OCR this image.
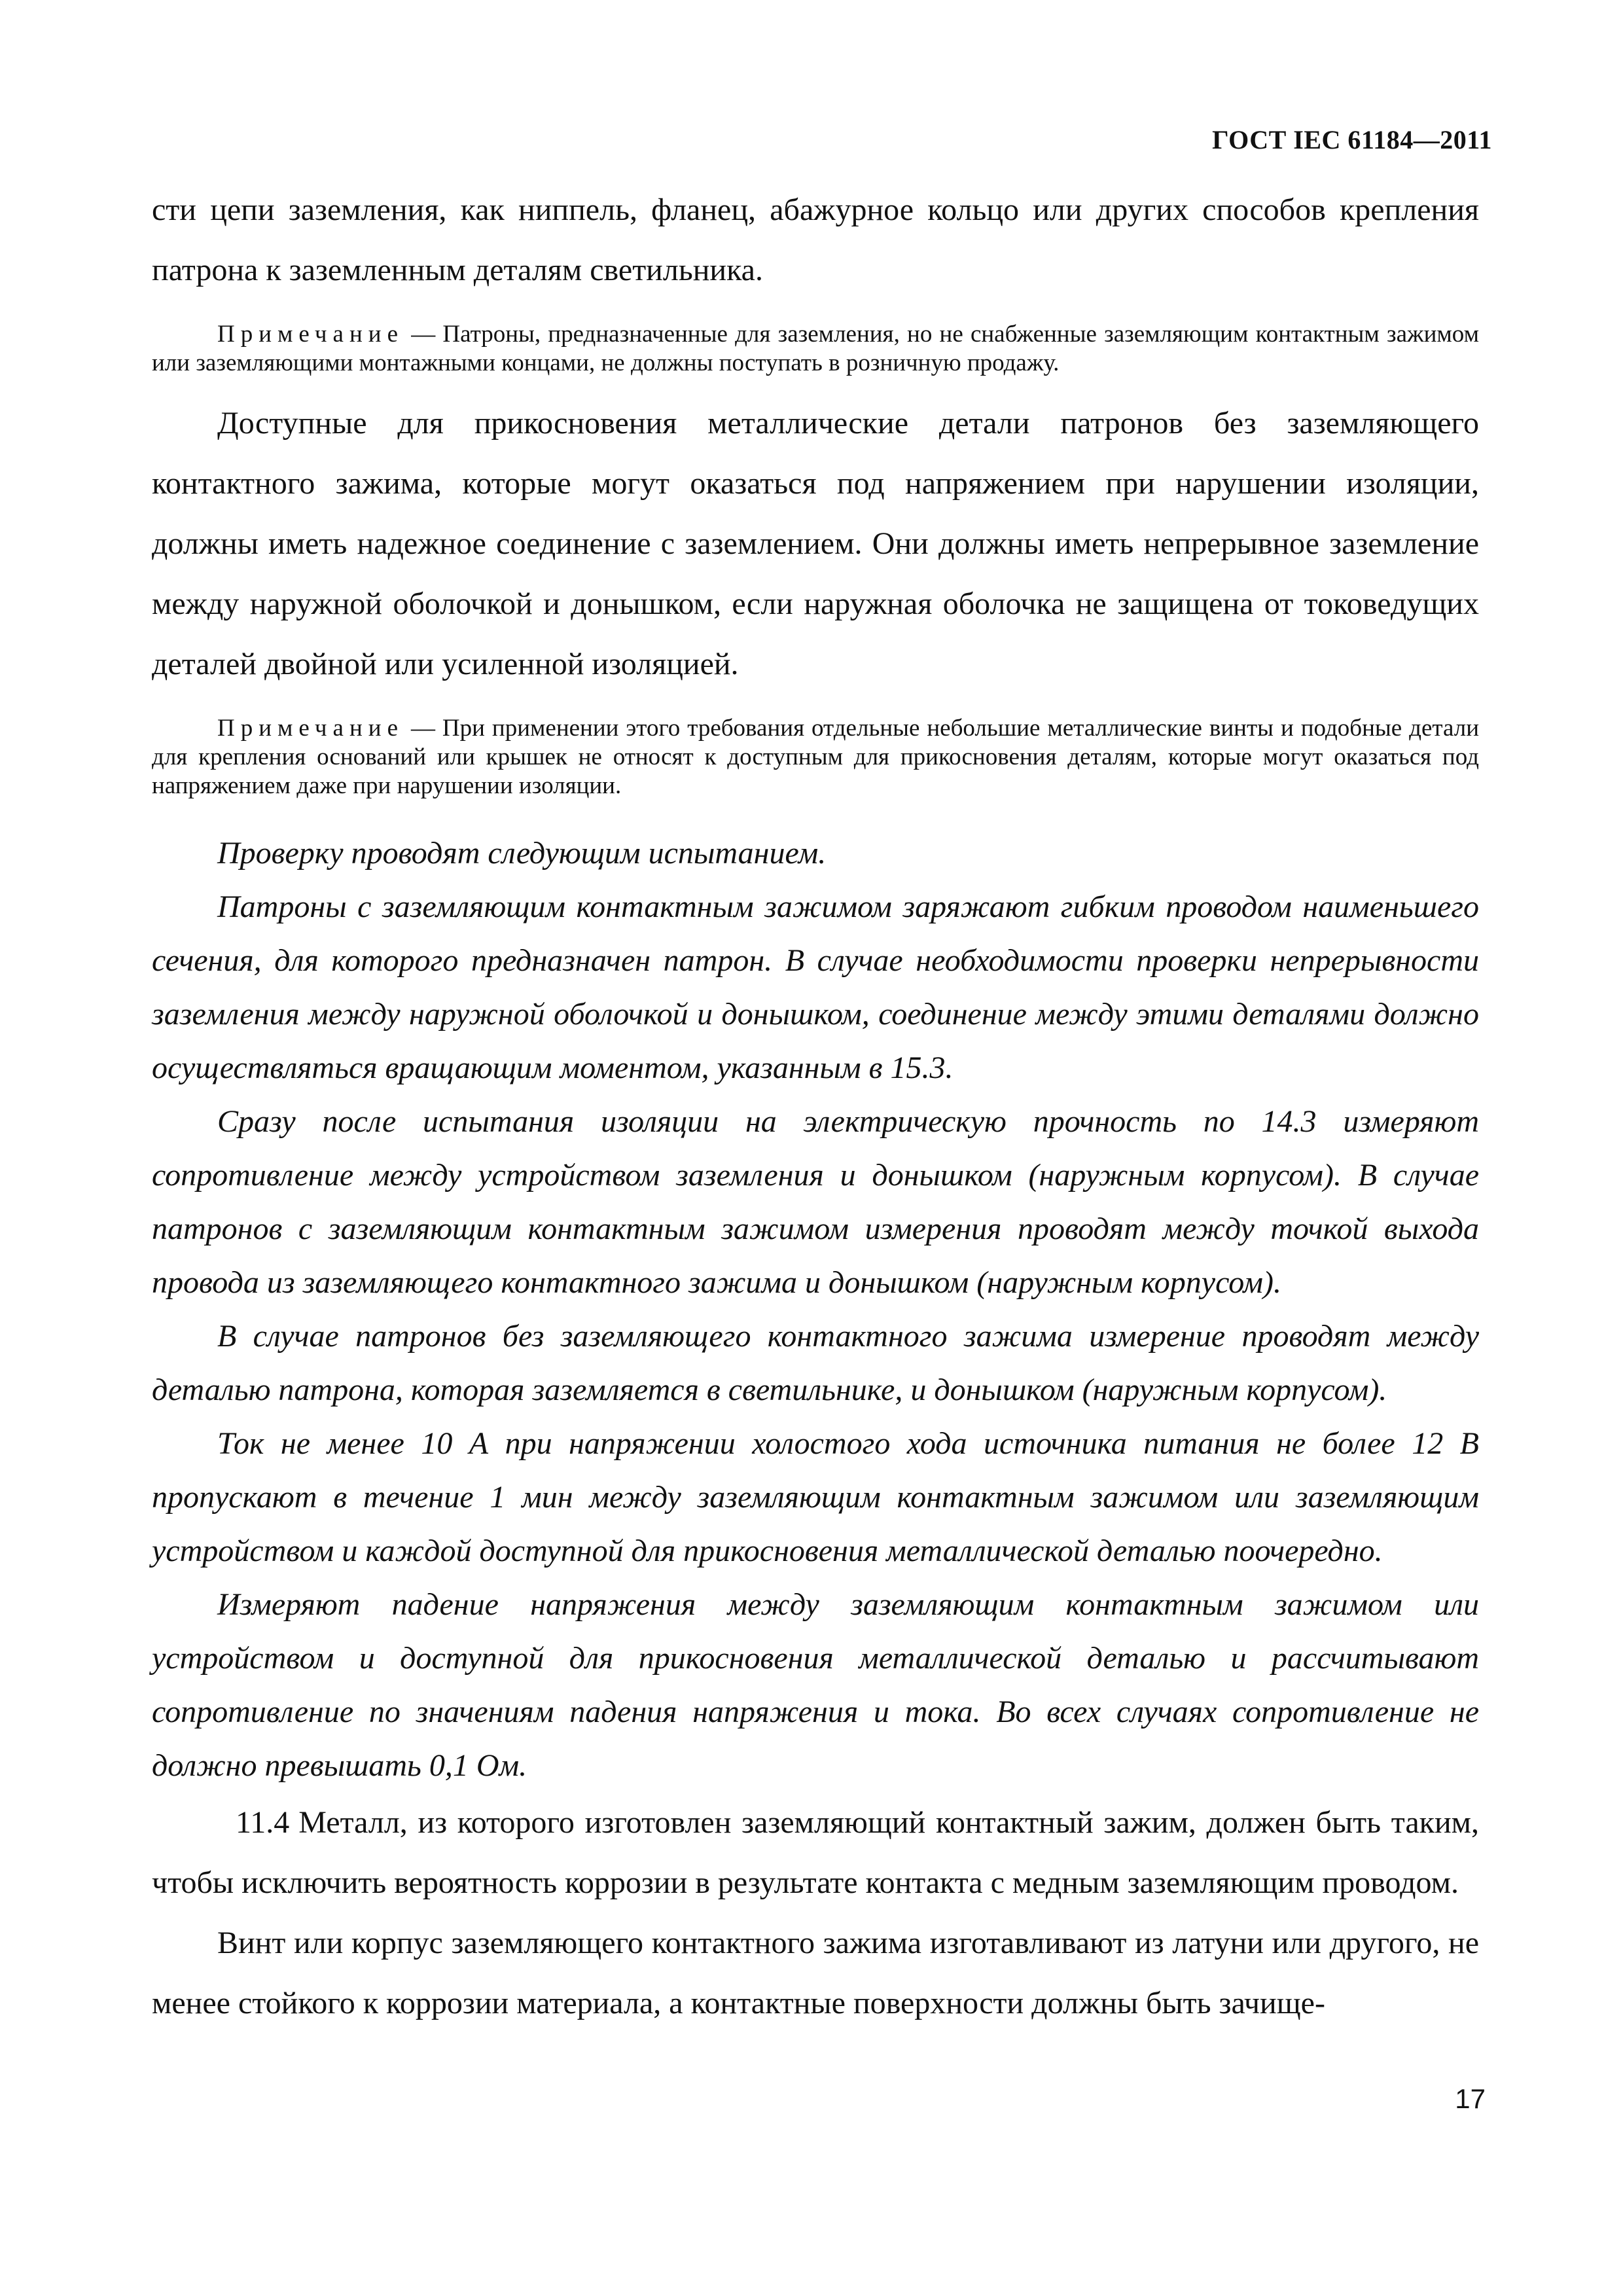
ГОСТ IEC 61184—2011

сти цепи заземления, как ниппель, фланец, абажурное кольцо или других способов крепления патрона к заземленным деталям светильника.

Примечание — Патроны, предназначенные для заземления, но не снабженные заземляющим контактным зажимом или заземляющими монтажными концами, не должны поступать в розничную продажу.

Доступные для прикосновения металлические детали патронов без заземляющего контактного зажима, которые могут оказаться под напряжением при нарушении изоляции, должны иметь надежное соединение с заземлением. Они должны иметь непрерывное заземление между наружной оболочкой и донышком, если наружная оболочка не защищена от токоведущих деталей двойной или усиленной изоляцией.

Примечание — При применении этого требования отдельные небольшие металлические винты и подобные детали для крепления оснований или крышек не относят к доступным для прикосновения деталям, которые могут оказаться под напряжением даже при нарушении изоляции.

Проверку проводят следующим испытанием.

Патроны с заземляющим контактным зажимом заряжают гибким проводом наименьшего сечения, для которого предназначен патрон. В случае необходимости проверки непрерывности заземления между наружной оболочкой и донышком, соединение между этими деталями должно осуществляться вращающим моментом, указанным в 15.3.

Сразу после испытания изоляции на электрическую прочность по 14.3 измеряют сопротивление между устройством заземления и донышком (наружным корпусом). В случае патронов с заземляющим контактным зажимом измерения проводят между точкой выхода провода из заземляющего контактного зажима и донышком (наружным корпусом).

В случае патронов без заземляющего контактного зажима измерение проводят между деталью патрона, которая заземляется в светильнике, и донышком (наружным корпусом).

Ток не менее 10 А при напряжении холостого хода источника питания не более 12 В пропускают в течение 1 мин между заземляющим контактным зажимом или заземляющим устройством и каждой доступной для прикосновения металлической деталью поочередно.

Измеряют падение напряжения между заземляющим контактным зажимом или устройством и доступной для прикосновения металлической деталью и рассчитывают сопротивление по значениям падения напряжения и тока. Во всех случаях сопротивление не должно превышать 0,1 Ом.

11.4 Металл, из которого изготовлен заземляющий контактный зажим, должен быть таким, чтобы исключить вероятность коррозии в результате контакта с медным заземляющим проводом.

Винт или корпус заземляющего контактного зажима изготавливают из латуни или другого, не менее стойкого к коррозии материала, а контактные поверхности должны быть зачище-

17
